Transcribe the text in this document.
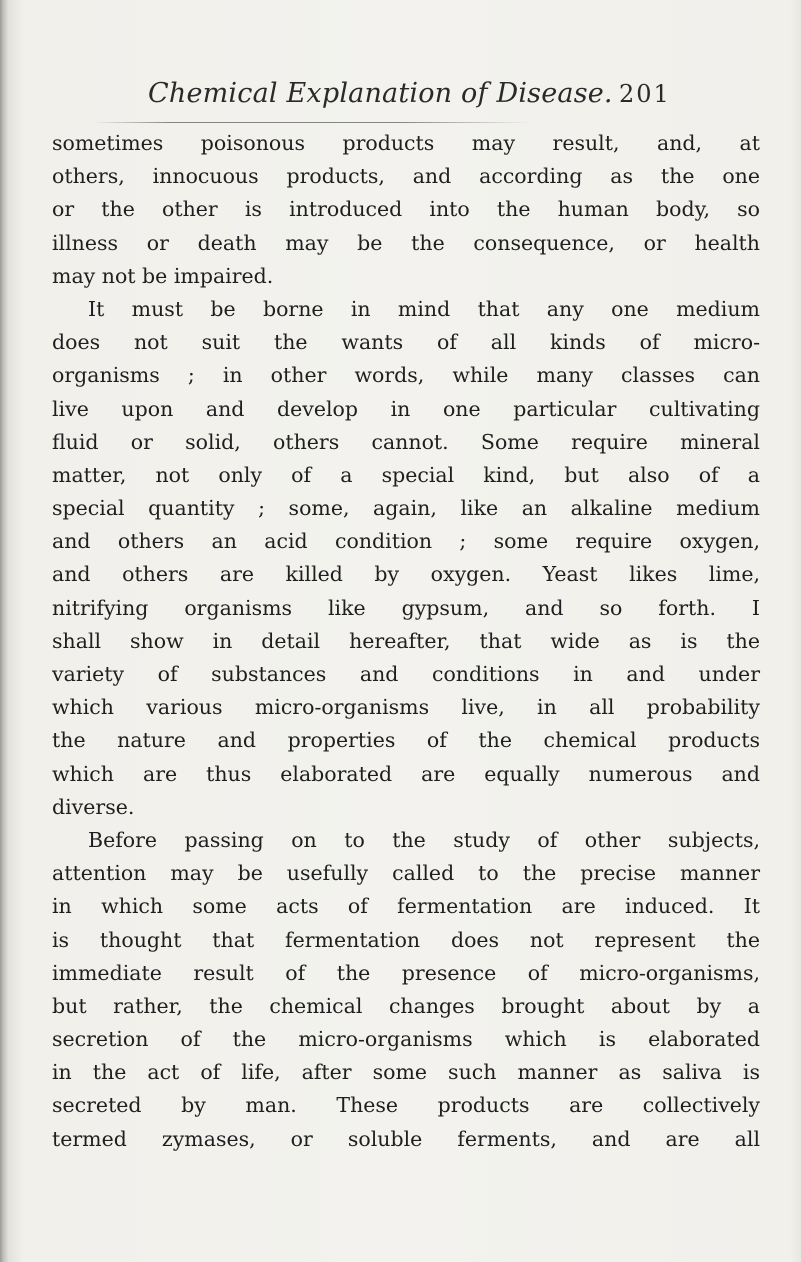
Chemical Explanation of Disease. 201
sometimes poisonous products may result, and, at
others, innocuous products, and according as the one
or the other is introduced into the human body, so
illness or death may be the consequence, or health
may not be impaired.
It must be borne in mind that any one medium
does not suit the wants of all kinds of micro-
organisms ; in other words, while many classes can
live upon and develop in one particular cultivating
fluid or solid, others cannot. Some require mineral
matter, not only of a special kind, but also of a
special quantity ; some, again, like an alkaline medium
and others an acid condition ; some require oxygen,
and others are killed by oxygen. Yeast likes lime,
nitrifying organisms like gypsum, and so forth. I
shall show in detail hereafter, that wide as is the
variety of substances and conditions in and under
which various micro-organisms live, in all probability
the nature and properties of the chemical products
which are thus elaborated are equally numerous and
diverse.
Before passing on to the study of other subjects,
attention may be usefully called to the precise manner
in which some acts of fermentation are induced. It
is thought that fermentation does not represent the
immediate result of the presence of micro-organisms,
but rather, the chemical changes brought about by a
secretion of the micro-organisms which is elaborated
in the act of life, after some such manner as saliva is
secreted by man. These products are collectively
termed zymases, or soluble ferments, and are all
